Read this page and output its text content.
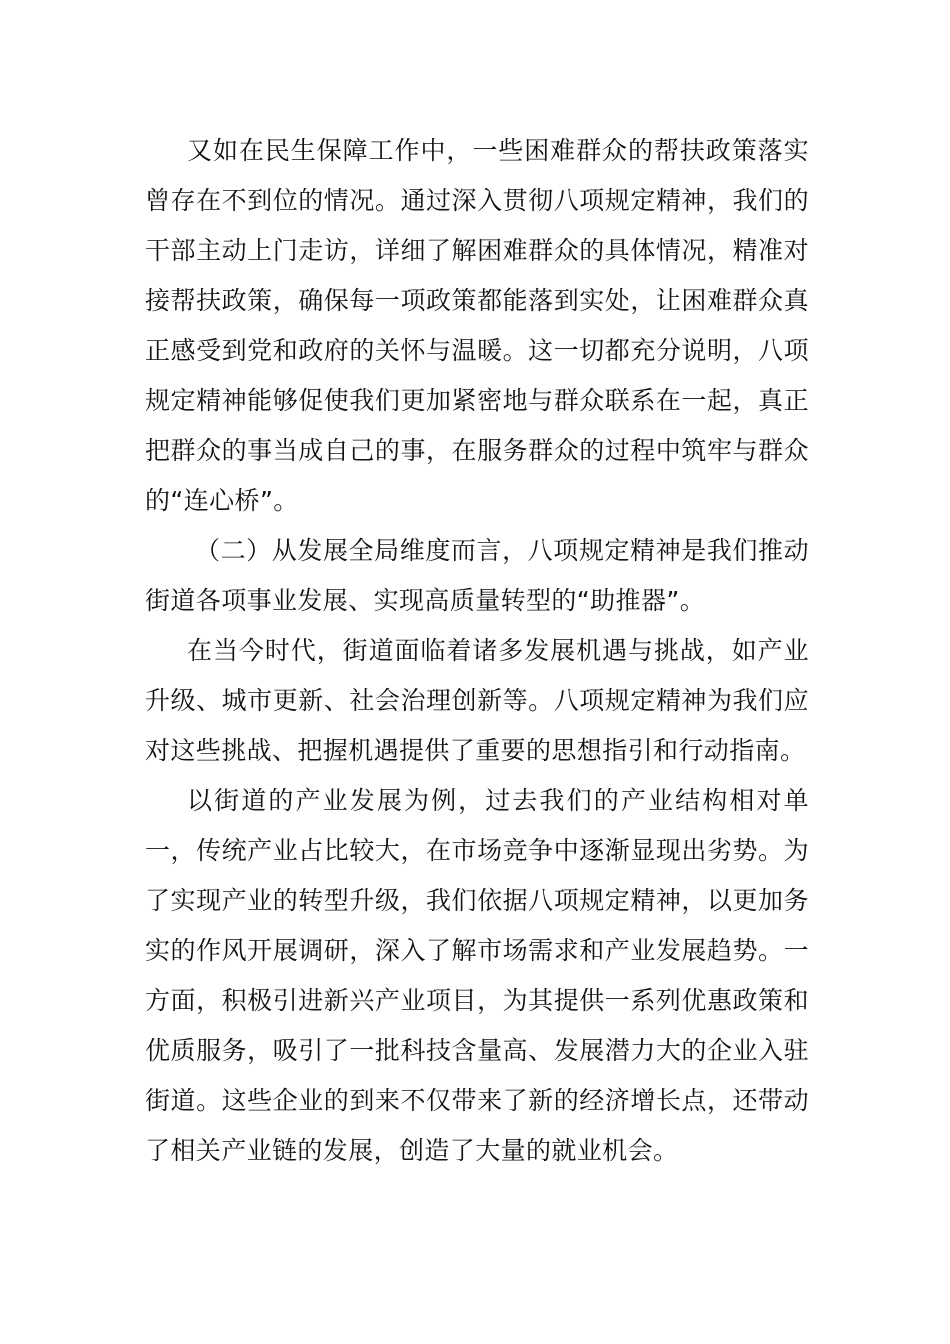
又如在民生保障工作中，一些困难群众的帮扶政策落实曾存在不到位的情况。通过深入贯彻八项规定精神，我们的干部主动上门走访，详细了解困难群众的具体情况，精准对接帮扶政策，确保每一项政策都能落到实处，让困难群众真正感受到党和政府的关怀与温暖。这一切都充分说明，八项规定精神能够促使我们更加紧密地与群众联系在一起，真正把群众的事当成自己的事，在服务群众的过程中筑牢与群众的“连心桥”。

（二）从发展全局维度而言，八项规定精神是我们推动街道各项事业发展、实现高质量转型的“助推器”。

在当今时代，街道面临着诸多发展机遇与挑战，如产业升级、城市更新、社会治理创新等。八项规定精神为我们应对这些挑战、把握机遇提供了重要的思想指引和行动指南。

以街道的产业发展为例，过去我们的产业结构相对单一，传统产业占比较大，在市场竞争中逐渐显现出劣势。为了实现产业的转型升级，我们依据八项规定精神，以更加务实的作风开展调研，深入了解市场需求和产业发展趋势。一方面，积极引进新兴产业项目，为其提供一系列优惠政策和优质服务，吸引了一批科技含量高、发展潜力大的企业入驻街道。这些企业的到来不仅带来了新的经济增长点，还带动了相关产业链的发展，创造了大量的就业机会。
